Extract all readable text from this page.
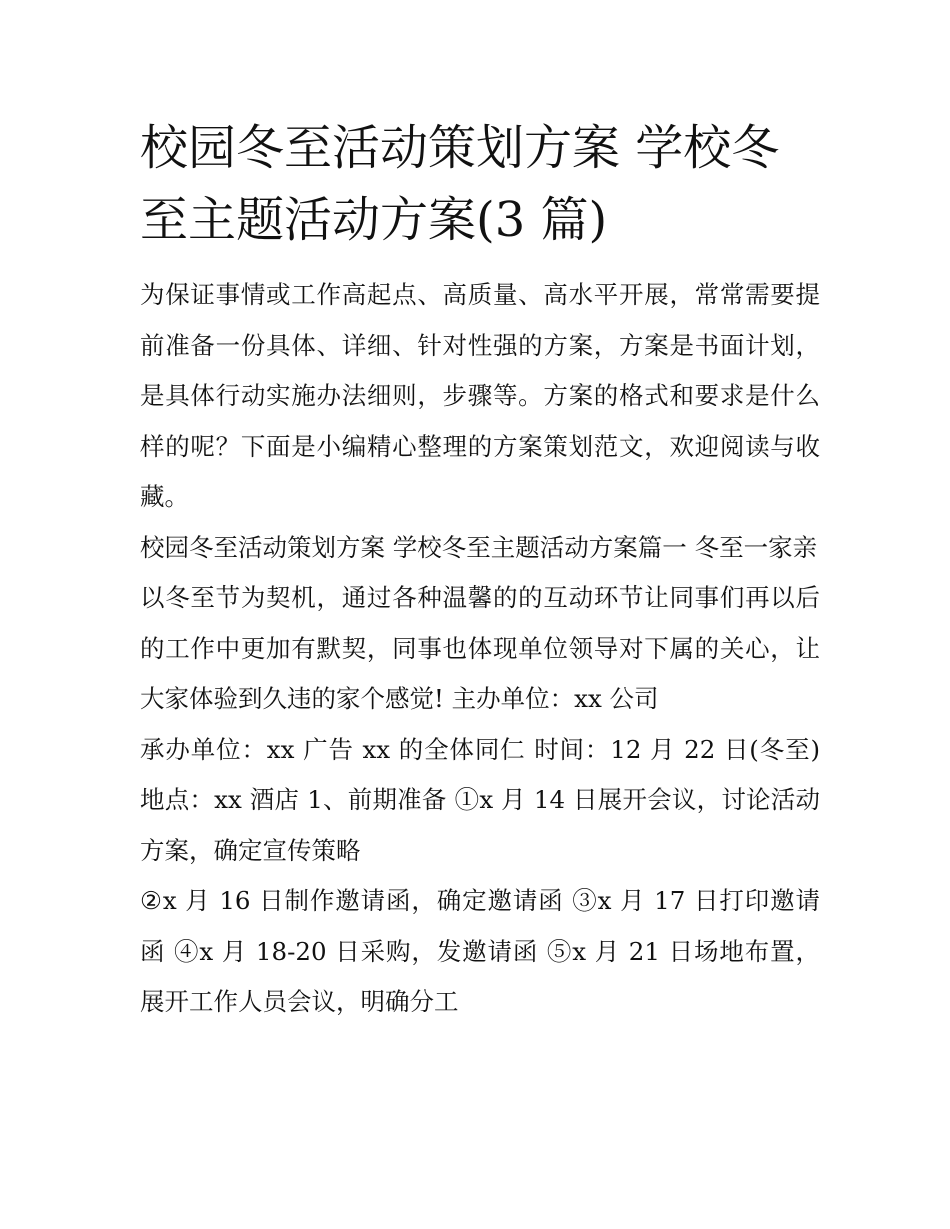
校园冬至活动策划方案 学校冬至主题活动方案(3 篇)

为保证事情或工作高起点、高质量、高水平开展，常常需要提前准备一份具体、详细、针对性强的方案，方案是书面计划，是具体行动实施办法细则，步骤等。方案的格式和要求是什么样的呢？下面是小编精心整理的方案策划范文，欢迎阅读与收藏。

校园冬至活动策划方案 学校冬至主题活动方案篇一 冬至一家亲

以冬至节为契机，通过各种温馨的的互动环节让同事们再以后的工作中更加有默契，同事也体现单位领导对下属的关心，让大家体验到久违的家个感觉! 主办单位：xx 公司

承办单位：xx 广告 xx 的全体同仁 时间：12 月 22 日(冬至) 地点：xx 酒店 1、前期准备 ①x 月 14 日展开会议，讨论活动方案，确定宣传策略

②x 月 16 日制作邀请函，确定邀请函 ③x 月 17 日打印邀请函 ④x 月 18-20 日采购，发邀请函 ⑤x 月 21 日场地布置，展开工作人员会议，明确分工
